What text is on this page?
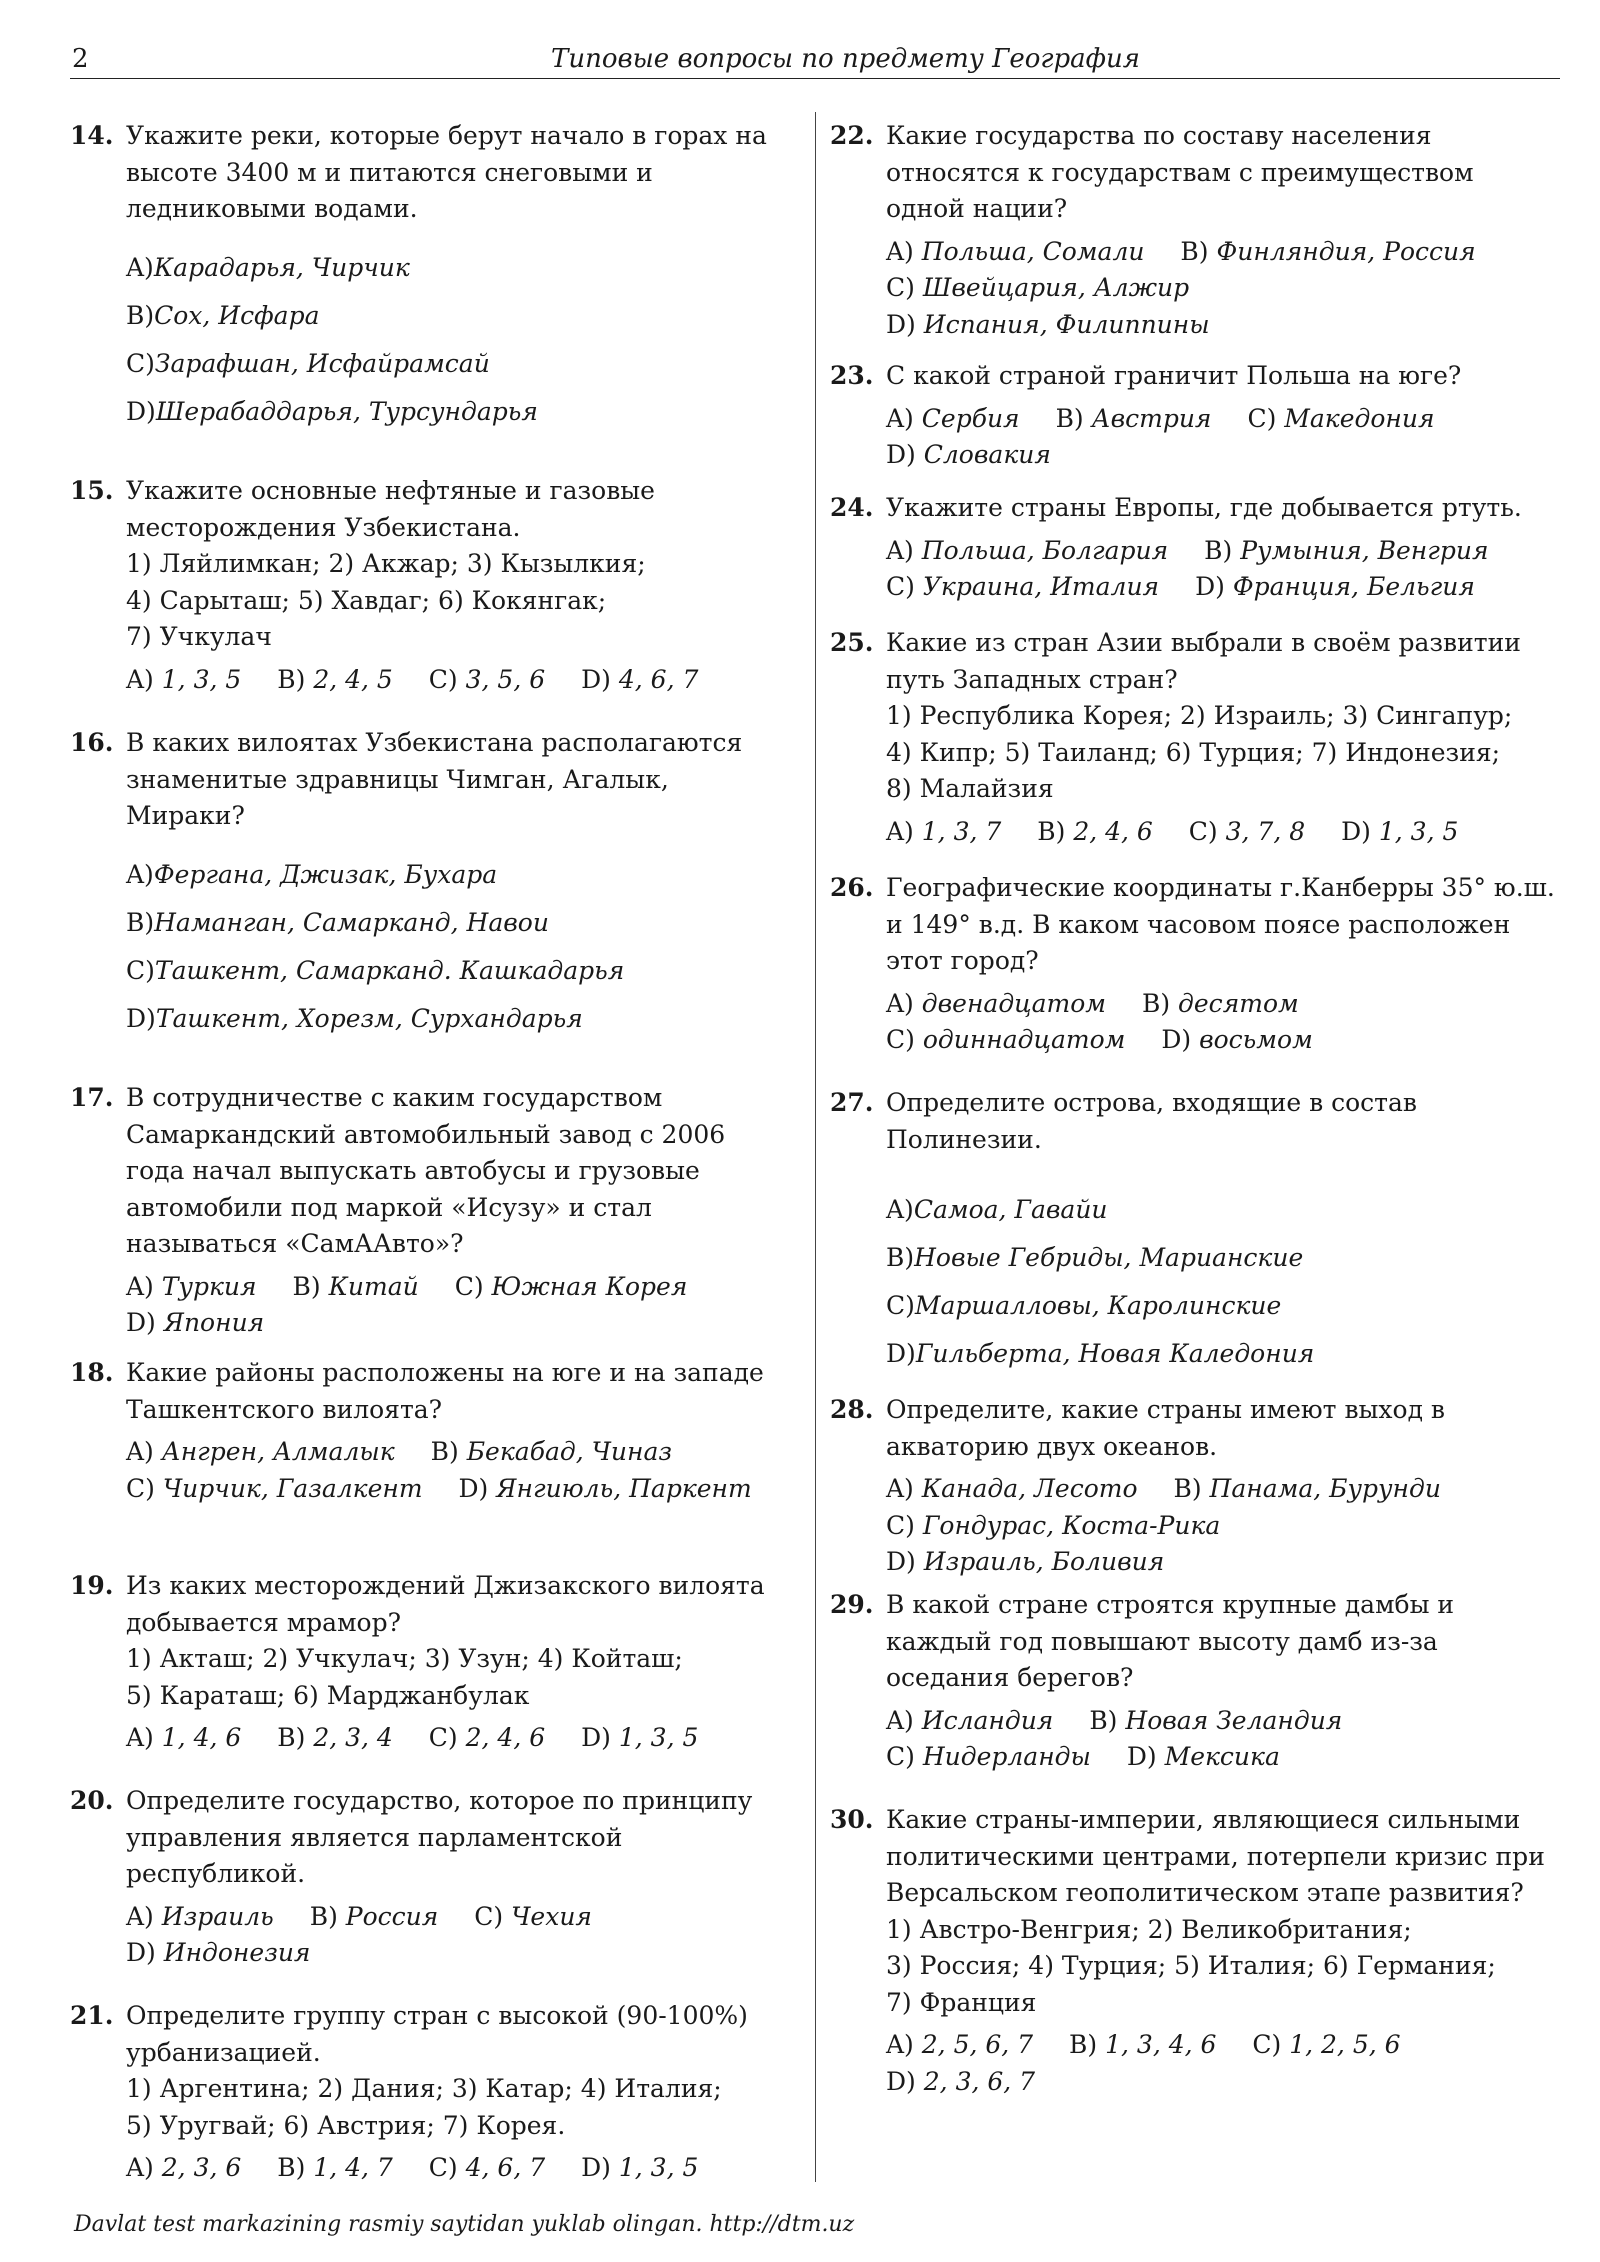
2	Типовые вопросы по предмету География
14. Укажите реки, которые берут начало в горах на высоте 3400 м и питаются снеговыми и ледниковыми водами.
A)Карадарья, Чирчик
B)Сох, Исфара
C)Зарафшан, Исфайрамсай
D)Шерабаддарья, Турсундарья
15. Укажите основные нефтяные и газовые месторождения Узбекистана.
1) Ляйлимкан; 2) Акжар; 3) Кызылкия;
4) Сарыташ; 5) Хавдаг; 6) Кокянгак;
7) Учкулач
A) 1, 3, 5 B) 2, 4, 5 C) 3, 5, 6 D) 4, 6, 7
16. В каких вилоятах Узбекистана располагаются знаменитые здравницы Чимган, Агалык, Мираки?
A)Фергана, Джизак, Бухара
B)Наманган, Самарканд, Навои
C)Ташкент, Самарканд. Кашкадарья
D)Ташкент, Хорезм, Сурхандарья
17. В сотрудничестве с каким государством Самаркандский автомобильный завод с 2006 года начал выпускать автобусы и грузовые автомобили под маркой «Исузу» и стал называться «СамААвто»?
A) Туркия B) Китай C) Южная Корея D) Япония
18. Какие районы расположены на юге и на западе Ташкентского вилоята?
A) Ангрен, Алмалык B) Бекабад, Чиназ C) Чирчик, Газалкент D) Янгиюль, Паркент
19. Из каких месторождений Джизакского вилоята добывается мрамор?
1) Акташ; 2) Учкулач; 3) Узун; 4) Койташ;
5) Караташ; 6) Марджанбулак
A) 1, 4, 6 B) 2, 3, 4 C) 2, 4, 6 D) 1, 3, 5
20. Определите государство, которое по принципу управления является парламентской республикой.
A) Израиль B) Россия C) Чехия D) Индонезия
21. Определите группу стран с высокой (90-100%) урбанизацией.
1) Аргентина; 2) Дания; 3) Катар; 4) Италия;
5) Уругвай; 6) Австрия; 7) Корея.
A) 2, 3, 6 B) 1, 4, 7 C) 4, 6, 7 D) 1, 3, 5
22. Какие государства по составу населения относятся к государствам с преимуществом одной нации?
A) Польша, Сомали B) Финляндия, Россия
C) Швейцария, Алжир
D) Испания, Филиппины
23. С какой страной граничит Польша на юге?
A) Сербия B) Австрия C) Македония
D) Словакия
24. Укажите страны Европы, где добывается ртуть.
A) Польша, Болгария B) Румыния, Венгрия
C) Украина, Италия D) Франция, Бельгия
25. Какие из стран Азии выбрали в своём развитии путь Западных стран?
1) Республика Корея; 2) Израиль; 3) Сингапур;
4) Кипр; 5) Таиланд; 6) Турция; 7) Индонезия;
8) Малайзия
A) 1, 3, 7 B) 2, 4, 6 C) 3, 7, 8 D) 1, 3, 5
26. Географические координаты г.Канберры 35° ю.ш. и 149° в.д. В каком часовом поясе расположен этот город?
A) двенадцатом B) десятом
C) одиннадцатом D) восьмом
27. Определите острова, входящие в состав Полинезии.
A)Самоа, Гавайи
B)Новые Гебриды, Марианские
C)Маршалловы, Каролинские
D)Гильберта, Новая Каледония
28. Определите, какие страны имеют выход в акваторию двух океанов.
A) Канада, Лесото B) Панама, Бурунди
C) Гондурас, Коста-Рика
D) Израиль, Боливия
29. В какой стране строятся крупные дамбы и каждый год повышают высоту дамб из-за оседания берегов?
A) Исландия B) Новая Зеландия
C) Нидерланды D) Мексика
30. Какие страны-империи, являющиеся сильными политическими центрами, потерпели кризис при Версальском геополитическом этапе развития?
1) Австро-Венгрия; 2) Великобритания;
3) Россия; 4) Турция; 5) Италия; 6) Германия;
7) Франция
A) 2, 5, 6, 7 B) 1, 3, 4, 6 C) 1, 2, 5, 6
D) 2, 3, 6, 7
Davlat test markazining rasmiy saytidan yuklab olingan. http://dtm.uz
